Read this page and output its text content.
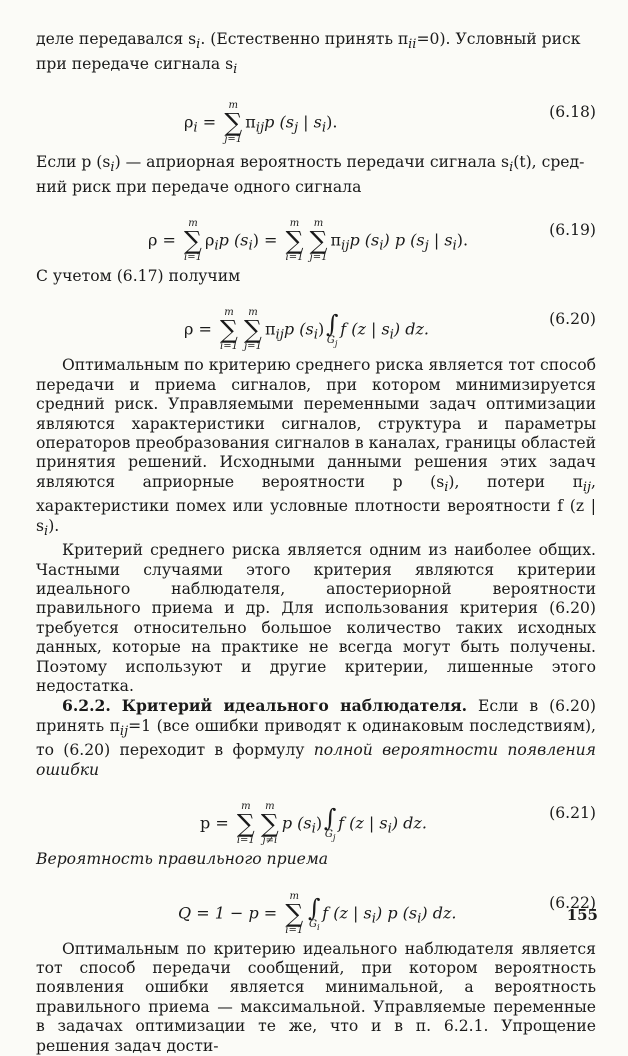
деле передавался $s_i$. (Естественно принять $\pi_{ii}=0$). Условный риск
при передаче сигнала $s_i$

$\rho_i$ =
m
∑
j=1
$\pi_{ij}p$ ($s_j$ | $s_i$).
(6.18)

Если p $(s_i)$ — априорная вероятность передачи сигнала $s_i(t)$, сред-
ний риск при передаче одного сигнала

ρ =
m
∑
i=1
$\rho_ip$ $(s_i)$ =
m
∑
i=1
m
∑
j=1
$\pi_{ij}p$ $(s_i)$ p ($s_j$ | $s_i$).
(6.19)

С учетом (6.17) получим

ρ =
m
∑
i=1
m
∑
j=1
$\pi_{ij}p$ $(s_i)$ ∫
$G_j$
f (z | $s_i$) dz.
(6.20)

Оптимальным по критерию среднего риска является тот способ передачи и приема сигналов, при котором минимизируется средний риск. Управляемыми переменными задач оптимизации являются характеристики сигналов, структура и параметры операторов преобразования сигналов в каналах, границы областей принятия решений. Исходными данными решения этих задач являются априорные вероятности p $(s_i)$, потери $\pi_{ij}$, характеристики помех или условные плотности вероятности f (z | $s_i$).

Критерий среднего риска является одним из наиболее общих. Частными случаями этого критерия являются критерии идеального наблюдателя, апостериорной вероятности правильного приема и др. Для использования критерия (6.20) требуется относительно большое количество таких исходных данных, которые на практике не всегда могут быть получены. Поэтому используют и другие критерии, лишенные этого недостатка.

6.2.2. Критерий идеального наблюдателя. Если в (6.20) принять $\pi_{ij}=1$ (все ошибки приводят к одинаковым последствиям), то (6.20) переходит в формулу полной вероятности появления ошибки

p =
m
∑
i=1
m
∑
j≠i
p $(s_i)$ ∫
$G_j$
f (z | $s_i$) dz.
(6.21)

Вероятность правильного приема

Q = 1 − p =
m
∑
i=1
∫
$G_i$
f (z | $s_i$) p $(s_i)$ dz.
(6.22)

Оптимальным по критерию идеального наблюдателя является тот способ передачи сообщений, при котором вероятность появления ошибки является минимальной, а вероятность правильного приема — максимальной. Управляемые переменные в задачах оптимизации те же, что и в п. 6.2.1. Упрощение решения задач дости-

155
